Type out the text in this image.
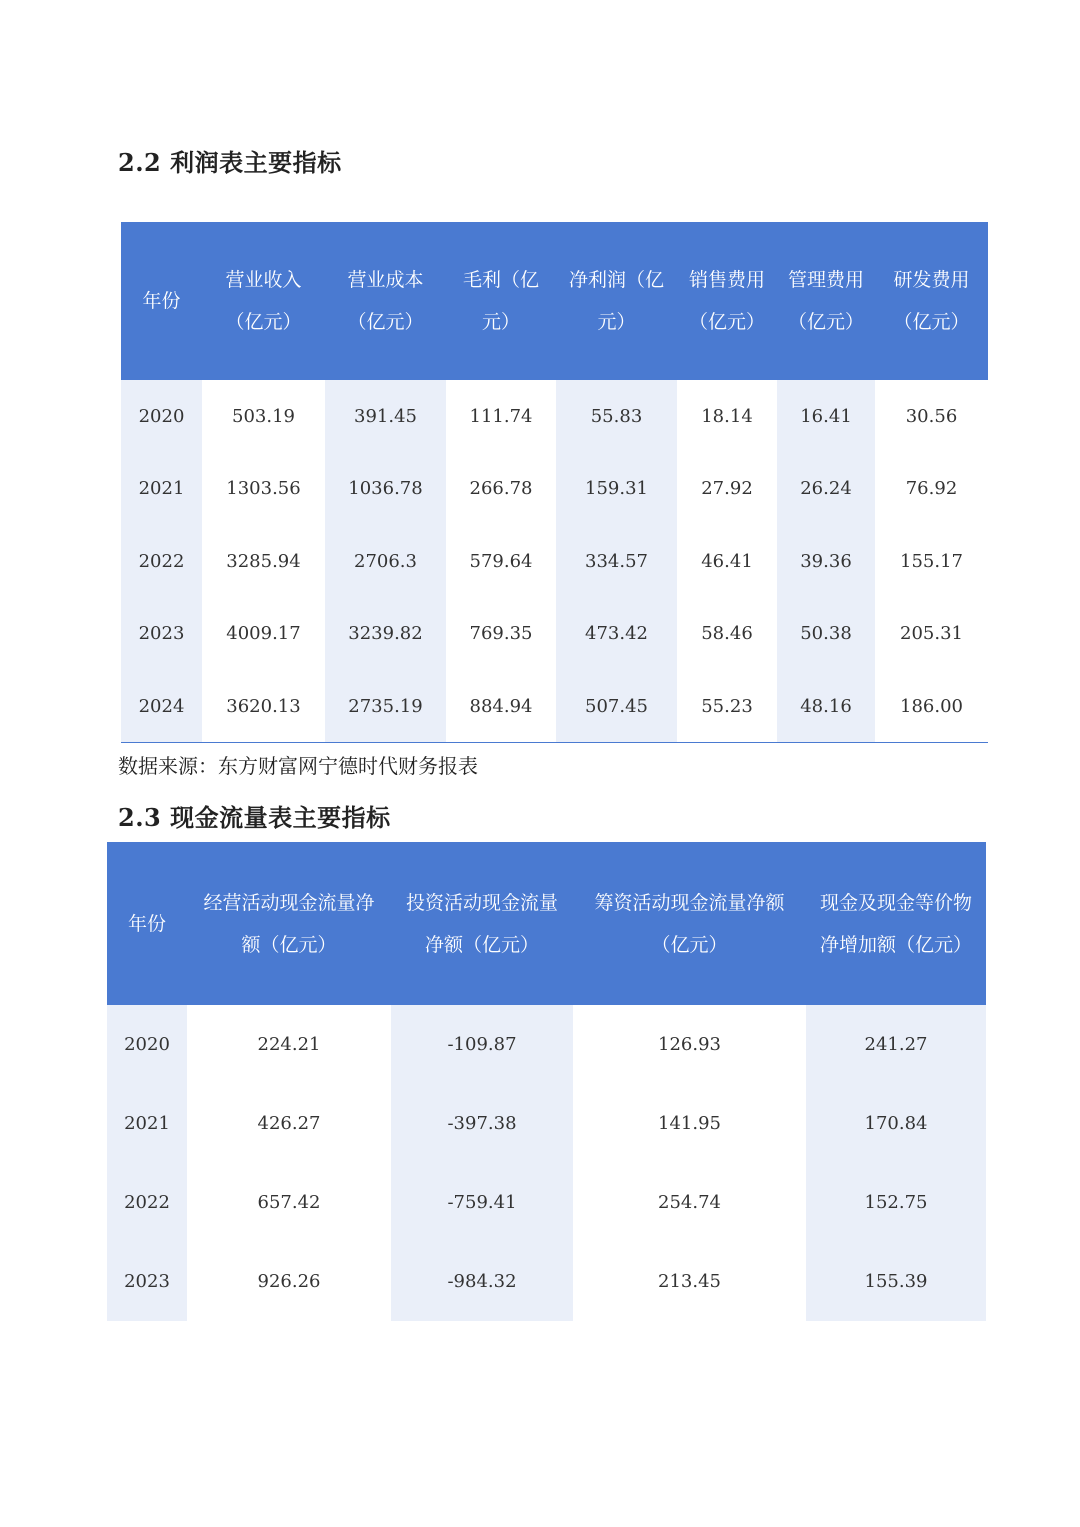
2.2 利润表主要指标
年份	营业收入（亿元）	营业成本（亿元）	毛利（亿元）	净利润（亿元）	销售费用（亿元）	管理费用（亿元）	研发费用（亿元）
2020	503.19	391.45	111.74	55.83	18.14	16.41	30.56
2021	1303.56	1036.78	266.78	159.31	27.92	26.24	76.92
2022	3285.94	2706.3	579.64	334.57	46.41	39.36	155.17
2023	4009.17	3239.82	769.35	473.42	58.46	50.38	205.31
2024	3620.13	2735.19	884.94	507.45	55.23	48.16	186.00
数据来源：东方财富网宁德时代财务报表
2.3 现金流量表主要指标
年份	经营活动现金流量净额（亿元）	投资活动现金流量净额（亿元）	筹资活动现金流量净额（亿元）	现金及现金等价物净增加额（亿元）
2020	224.21	-109.87	126.93	241.27
2021	426.27	-397.38	141.95	170.84
2022	657.42	-759.41	254.74	152.75
2023	926.26	-984.32	213.45	155.39
